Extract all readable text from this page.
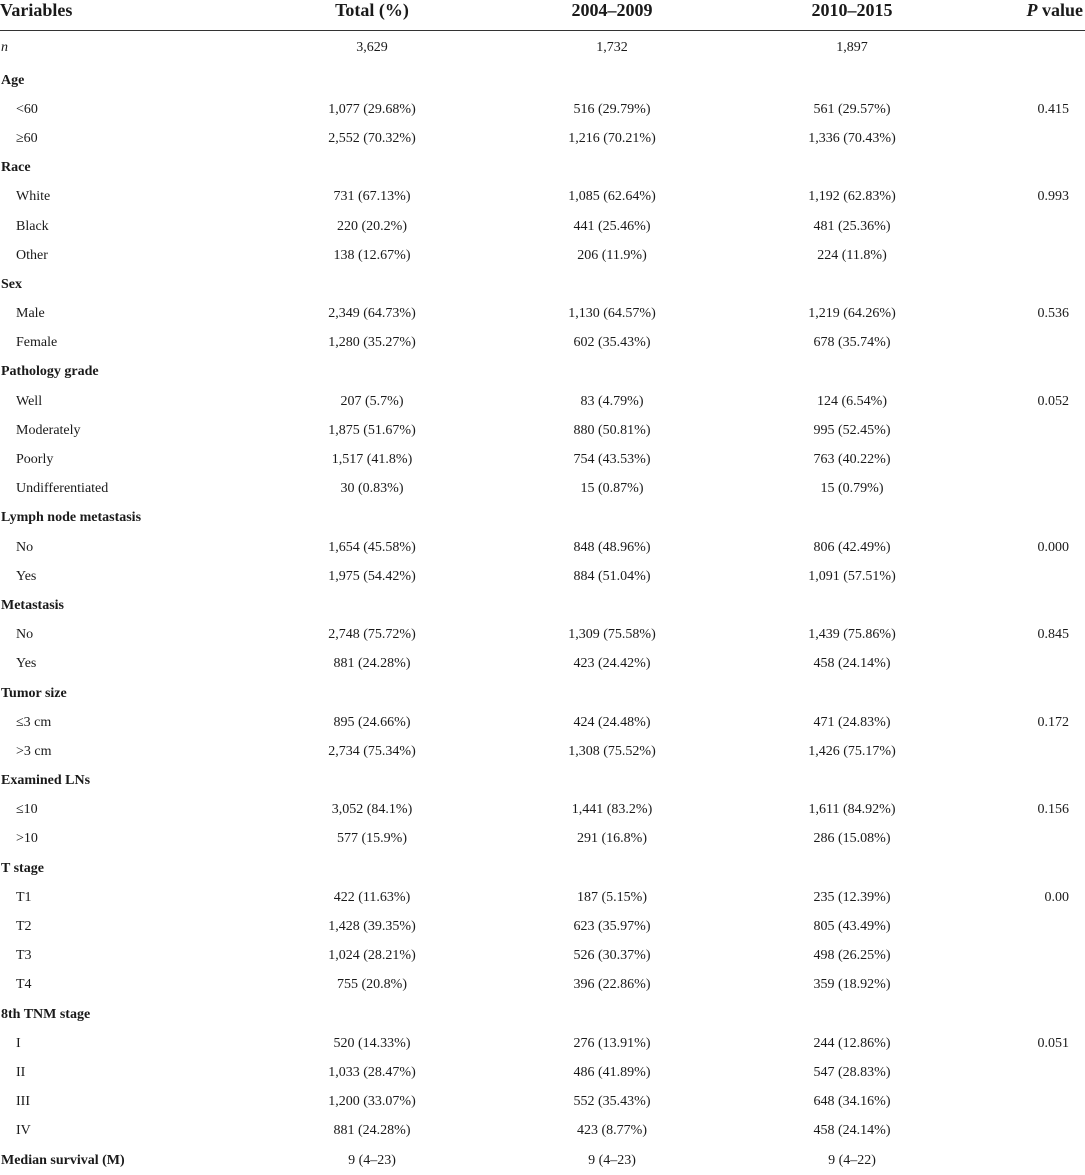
Variables	Total (%)	2004–2009	2010–2015	P value
n	3,629	1,732	1,897	
Age				
<60	1,077 (29.68%)	516 (29.79%)	561 (29.57%)	0.415
≥60	2,552 (70.32%)	1,216 (70.21%)	1,336 (70.43%)	
Race				
White	731 (67.13%)	1,085 (62.64%)	1,192 (62.83%)	0.993
Black	220 (20.2%)	441 (25.46%)	481 (25.36%)	
Other	138 (12.67%)	206 (11.9%)	224 (11.8%)	
Sex				
Male	2,349 (64.73%)	1,130 (64.57%)	1,219 (64.26%)	0.536
Female	1,280 (35.27%)	602 (35.43%)	678 (35.74%)	
Pathology grade				
Well	207 (5.7%)	83 (4.79%)	124 (6.54%)	0.052
Moderately	1,875 (51.67%)	880 (50.81%)	995 (52.45%)	
Poorly	1,517 (41.8%)	754 (43.53%)	763 (40.22%)	
Undifferentiated	30 (0.83%)	15 (0.87%)	15 (0.79%)	
Lymph node metastasis				
No	1,654 (45.58%)	848 (48.96%)	806 (42.49%)	0.000
Yes	1,975 (54.42%)	884 (51.04%)	1,091 (57.51%)	
Metastasis				
No	2,748 (75.72%)	1,309 (75.58%)	1,439 (75.86%)	0.845
Yes	881 (24.28%)	423 (24.42%)	458 (24.14%)	
Tumor size				
≤3 cm	895 (24.66%)	424 (24.48%)	471 (24.83%)	0.172
>3 cm	2,734 (75.34%)	1,308 (75.52%)	1,426 (75.17%)	
Examined LNs				
≤10	3,052 (84.1%)	1,441 (83.2%)	1,611 (84.92%)	0.156
>10	577 (15.9%)	291 (16.8%)	286 (15.08%)	
T stage				
T1	422 (11.63%)	187 (5.15%)	235 (12.39%)	0.00
T2	1,428 (39.35%)	623 (35.97%)	805 (43.49%)	
T3	1,024 (28.21%)	526 (30.37%)	498 (26.25%)	
T4	755 (20.8%)	396 (22.86%)	359 (18.92%)	
8th TNM stage				
I	520 (14.33%)	276 (13.91%)	244 (12.86%)	0.051
II	1,033 (28.47%)	486 (41.89%)	547 (28.83%)	
III	1,200 (33.07%)	552 (35.43%)	648 (34.16%)	
IV	881 (24.28%)	423 (8.77%)	458 (24.14%)	
Median survival (M)	9 (4–23)	9 (4–23)	9 (4–22)	
